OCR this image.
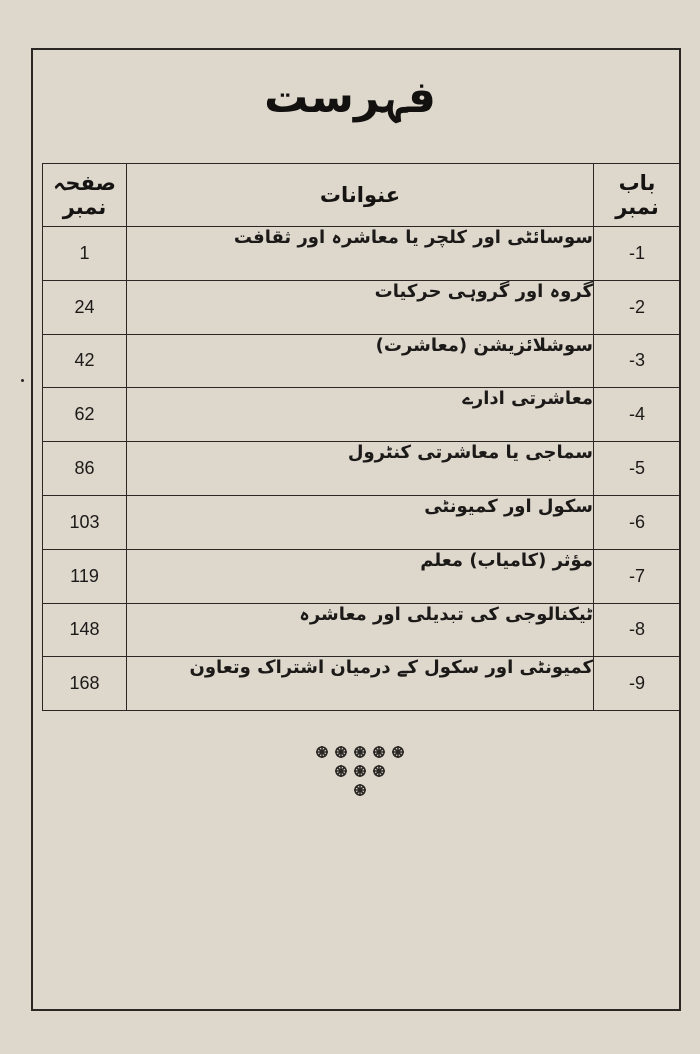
فہرست
باب نمبر	عنوانات	صفحہ نمبر
-1	سوسائٹی اور کلچر یا معاشرہ اور ثقافت	1
-2	گروہ اور گروہی حرکیات	24
-3	سوشلائزیشن (معاشرت)	42
-4	معاشرتی ادارے	62
-5	سماجی یا معاشرتی کنٹرول	86
-6	سکول اور کمیونٹی	103
-7	مؤثر (کامیاب) معلم	119
-8	ٹیکنالوجی کی تبدیلی اور معاشرہ	148
-9	کمیونٹی اور سکول کے درمیان اشتراک وتعاون	168
